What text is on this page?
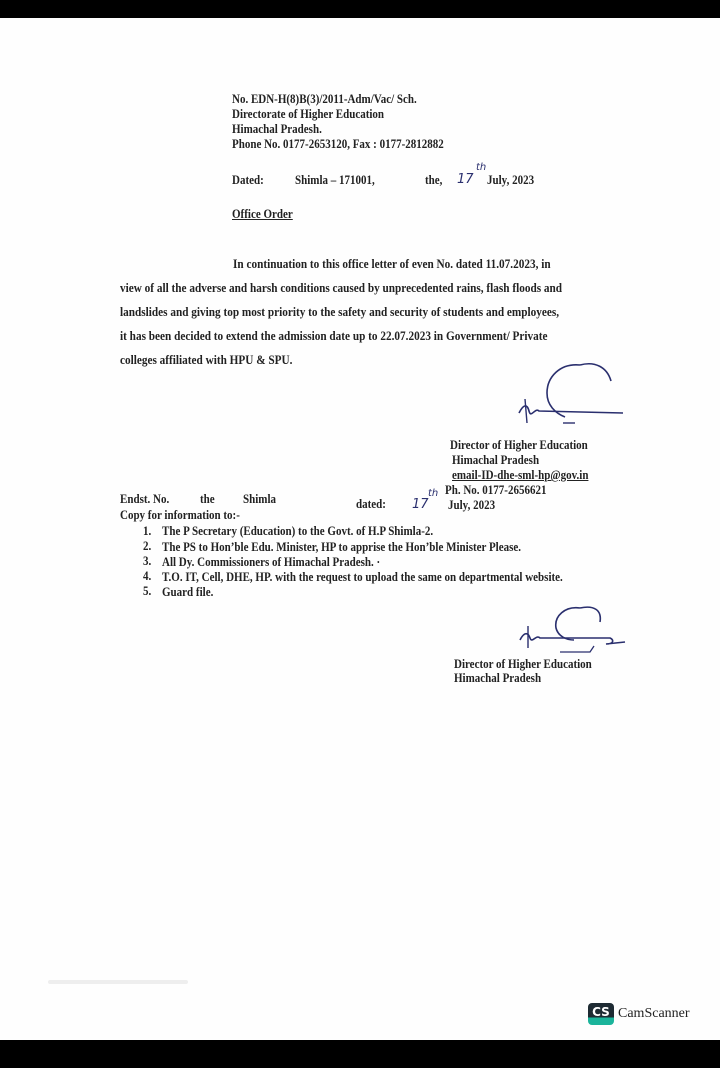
No. EDN-H(8)B(3)/2011-Adm/Vac/ Sch.
Directorate of Higher Education
Himachal Pradesh.
Phone No. 0177-2653120, Fax : 0177-2812882
Dated: Shimla – 171001,	the, 17
th
July, 2023
Office Order
In continuation to this office letter of even No. dated 11.07.2023, in
view of all the adverse and harsh conditions caused by unprecedented rains, flash floods and
landslides and giving top most priority to the safety and security of students and employees,
it has been decided to extend the admission date up to 22.07.2023 in Government/ Private
colleges affiliated with HPU & SPU.
Director of Higher Education
Himachal Pradesh
email-ID-dhe-sml-hp@gov.in
Ph. No. 0177-2656621
Endst. No. the Shimla	dated: 17
th
July, 2023
Copy for information to:-
1. The P Secretary (Education) to the Govt. of H.P Shimla-2.
2. The PS to Hon’ble Edu. Minister, HP to apprise the Hon’ble Minister Please.
3. All Dy. Commissioners of Himachal Pradesh. ·
4. T.O. IT, Cell, DHE, HP. with the request to upload the same on departmental website.
5. Guard file.
Director of Higher Education
Himachal Pradesh
CS CamScanner
